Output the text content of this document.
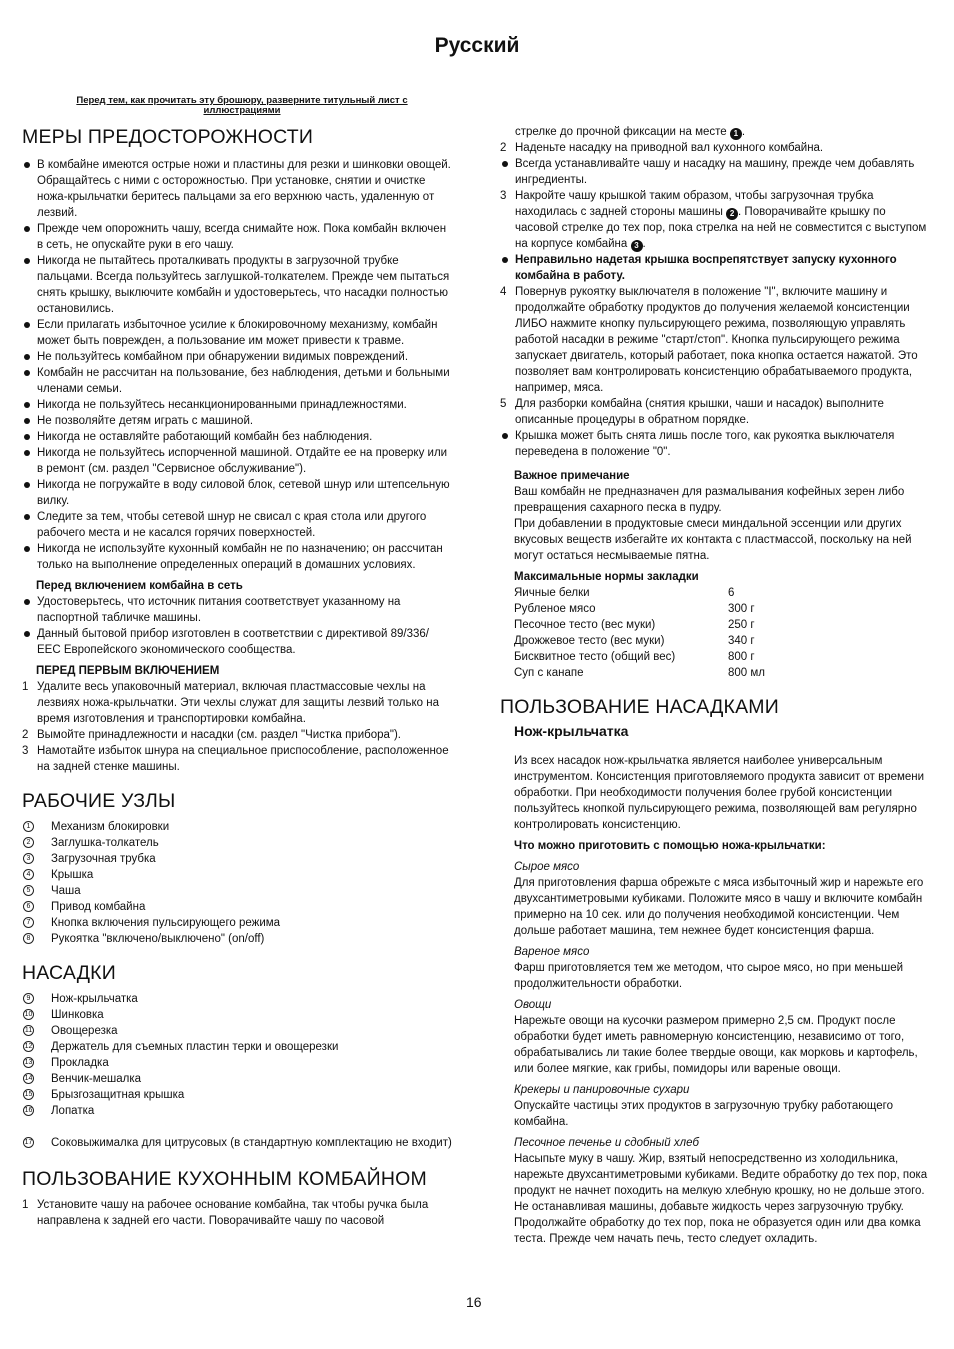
Русский
Перед тем, как прочитать эту брошюру, разверните титульный лист с иллюстрациями
МЕРЫ ПРЕДОСТОРОЖНОСТИ
В комбайне имеются острые ножи и пластины для резки и шинковки овощей. Обращайтесь с ними с осторожностью. При установке, снятии и очистке ножа-крыльчатки беритесь пальцами за его верхнюю часть, удаленную от лезвий.
Прежде чем опорожнить чашу, всегда снимайте нож. Пока комбайн включен в сеть, не опускайте руки в его чашу.
Никогда не пытайтесь проталкивать продукты в загрузочной трубке пальцами. Всегда пользуйтесь заглушкой-толкателем. Прежде чем пытаться снять крышку, выключите комбайн и удостоверьтесь, что насадки полностью остановились.
Если прилагать избыточное усилие к блокировочному механизму, комбайн может быть поврежден, а пользование им может привести к травме.
Не пользуйтесь комбайном при обнаружении видимых повреждений.
Комбайн не рассчитан на пользование, без наблюдения, детьми и больными членами семьи.
Никогда не пользуйтесь несанкционированными принадлежностями.
Не позволяйте детям играть с машиной.
Никогда не оставляйте работающий комбайн без наблюдения.
Никогда не пользуйтесь испорченной машиной. Отдайте ее на проверку или в ремонт (см. раздел "Сервисное обслуживание").
Никогда не погружайте в воду силовой блок, сетевой шнур или штепсельную вилку.
Следите за тем, чтобы сетевой шнур не свисал с края стола или другого рабочего места и не касался горячих поверхностей.
Никогда не используйте кухонный комбайн не по назначению; он рассчитан только на выполнение определенных операций в домашних условиях.
Перед включением комбайна в сеть
Удостоверьтесь, что источник питания соответствует указанному на паспортной табличке машины.
Данный бытовой прибор изготовлен в соответствии с директивой 89/336/ЕЕС Европейского экономического сообщества.
ПЕРЕД ПЕРВЫМ ВКЛЮЧЕНИЕМ
1 Удалите весь упаковочный материал, включая пластмассовые чехлы на лезвиях ножа-крыльчатки. Эти чехлы служат для защиты лезвий только на время изготовления и транспортировки комбайна.
2 Вымойте принадлежности и насадки (см. раздел "Чистка прибора").
3 Намотайте избыток шнура на специальное приспособление, расположенное на задней стенке машины.
РАБОЧИЕ УЗЛЫ
1	Механизм блокировки
2	Заглушка-толкатель
3	Загрузочная трубка
4	Крышка
5	Чаша
6	Привод комбайна
7	Кнопка включения пульсирующего режима
8	Рукоятка "включено/выключено" (on/off)
НАСАДКИ
9	Нож-крыльчатка
10 Шинковка
11 Овощерезка
12 Держатель для съемных пластин терки и овощерезки
13 Прокладка
14 Венчик-мешалка
15 Брызгозащитная крышка
16 Лопатка
17	Соковыжималка для цитрусовых (в стандартную комплектацию не входит)
ПОЛЬЗОВАНИЕ КУХОННЫМ КОМБАЙНОМ
1 Установите чашу на рабочее основание комбайна, так чтобы ручка была направлена к задней его части. Поворачивайте чашу по часовой
стрелке до прочной фиксации на месте 1 .
2 Наденьте насадку на приводной вал кухонного комбайна.
Всегда устанавливайте чашу и насадку на машину, прежде чем добавлять ингредиенты.
3 Накройте чашу крышкой таким образом, чтобы загрузочная трубка находилась с задней стороны машины 2 . Поворачивайте крышку по часовой стрелке до тех пор, пока стрелка на ней не совместится с выступом на корпусе комбайна 3 .
Неправильно надетая крышка воспрепятствует запуску кухонного комбайна в работу.
4 Повернув рукоятку выключателя в положение "I", включите машину и продолжайте обработку продуктов до получения желаемой консистенции ЛИБО нажмите кнопку пульсирующего режима, позволяющую управлять работой насадки в режиме "старт/стоп". Кнопка пульсирующего режима запускает двигатель, который работает, пока кнопка остается нажатой. Это позволяет вам контролировать консистенцию обрабатываемого продукта, например, мяса.
5 Для разборки комбайна (снятия крышки, чаши и насадок) выполните описанные процедуры в обратном порядке.
Крышка может быть снята лишь после того, как рукоятка выключателя переведена в положение "0".
Важное примечание
Ваш комбайн не предназначен для размалывания кофейных зерен либо превращения сахарного песка в пудру.
При добавлении в продуктовые смеси миндальной эссенции или других вкусовых веществ избегайте их контакта с пластмассой, поскольку на ней могут остаться несмываемые пятна.
Максимальные нормы закладки
Яичные белки	6
Рубленое мясо	300 г
Песочное тесто (вес муки)	250 г
Дрожжевое тесто (вес муки)	340 г
Бисквитное тесто (общий вес)	800 г
Суп с канапе	800 мл
ПОЛЬЗОВАНИЕ НАСАДКАМИ
Нож-крыльчатка
Из всех насадок нож-крыльчатка является наиболее универсальным инструментом. Консистенция приготовляемого продукта зависит от времени обработки. При необходимости получения более грубой консистенции пользуйтесь кнопкой пульсирующего режима, позволяющей вам регулярно контролировать консистенцию.
Что можно приготовить с помощью ножа-крыльчатки:
Сырое мясо
Для приготовления фарша обрежьте с мяса избыточный жир и нарежьте его двухсантиметровыми кубиками. Положите мясо в чашу и включите комбайн примерно на 10 сек. или до получения необходимой консистенции. Чем дольше работает машина, тем нежнее будет консистенция фарша.
Вареное мясо
Фарш приготовляется тем же методом, что сырое мясо, но при меньшей продолжительности обработки.
Овощи
Нарежьте овощи на кусочки размером примерно 2,5 см. Продукт после обработки будет иметь равномерную консистенцию, независимо от того, обрабатывались ли такие более твердые овощи, как морковь и картофель, или более мягкие, как грибы, помидоры или вареные овощи.
Крекеры и панировочные сухари
Опускайте частицы этих продуктов в загрузочную трубку работающего комбайна.
Песочное печенье и сдобный хлеб
Насыпьте муку в чашу. Жир, взятый непосредственно из холодильника, нарежьте двухсантиметровыми кубиками. Ведите обработку до тех пор, пока продукт не начнет походить на мелкую хлебную крошку, но не дольше этого. Не останавливая машины, добавьте жидкость через загрузочную трубку. Продолжайте обработку до тех пор, пока не образуется один или два комка теста. Прежде чем начать печь, тесто следует охладить.
16
